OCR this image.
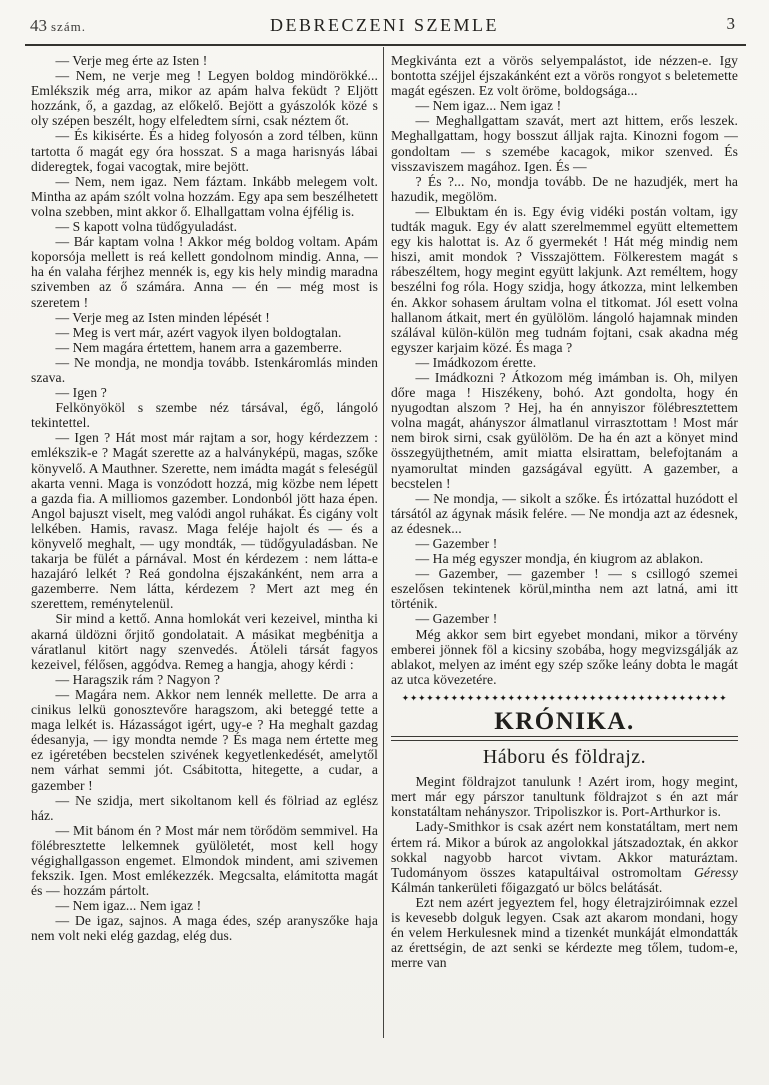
43 szám.	DEBRECZENI SZEMLE	3

— Verje meg érte az Isten !

— Nem, ne verje meg ! Legyen boldog mindörökké... Emlékszik még arra, mikor az apám halva feküdt ? Eljött hozzánk, ő, a gazdag, az előkelő. Bejött a gyászolók közé s oly szépen beszélt, hogy elfeledtem sírni, csak néztem őt.

— És kikisérte. És a hideg folyosón a zord télben, künn tartotta ő magát egy óra hosszat. S a maga harisnyás lábai dideregtek, fogai vacogtak, mire bejött.

— Nem, nem igaz. Nem fáztam. Inkább melegem volt. Mintha az apám szólt volna hozzám. Egy apa sem beszélhetett volna szebben, mint akkor ő. Elhallgattam volna éjfélig is.

— S kapott volna tüdőgyuladást.

— Bár kaptam volna ! Akkor még boldog voltam. Apám koporsója mellett is reá kellett gondolnom mindig. Anna, — ha én valaha férjhez mennék is, egy kis hely mindig maradna szivemben az ő számára. Anna — én — még most is szeretem !

— Verje meg az Isten minden lépését !

— Meg is vert már, azért vagyok ilyen boldogtalan.

— Nem magára értettem, hanem arra a gazemberre.

— Ne mondja, ne mondja tovább. Istenkáromlás minden szava.

— Igen ?

Felkönyököl s szembe néz társával, égő, lángoló tekintettel.

— Igen ? Hát most már rajtam a sor, hogy kérdezzem : emlékszik-e ? Magát szerette az a halványképü, magas, szőke könyvelő. A Mauthner. Szerette, nem imádta magát s feleségül akarta venni. Maga is vonzódott hozzá, mig közbe nem lépett a gazda fia. A milliomos gazember. Londonból jött haza épen. Angol bajuszt viselt, meg valódi angol ruhákat. És cigány volt lelkében. Hamis, ravasz. Maga feléje hajolt és — és a könyvelő meghalt, — ugy mondták, — tüdőgyuladásban. Ne takarja be fülét a párnával. Most én kérdezem : nem látta-e hazajáró lelkét ? Reá gondolna éjszakánként, nem arra a gazemberre. Nem látta, kérdezem ? Mert azt meg én szerettem, reménytelenül.

Sir mind a kettő. Anna homlokát veri kezeivel, mintha ki akarná üldözni őrjitő gondolatait. A másikat megbénitja a váratlanul kitört nagy szenvedés. Átöleli társát fagyos kezeivel, félősen, aggódva. Remeg a hangja, ahogy kérdi :

— Haragszik rám ? Nagyon ?

— Magára nem. Akkor nem lennék mellette. De arra a cinikus lelkü gonosztevőre haragszom, aki beteggé tette a maga lelkét is. Házasságot igért, ugy-e ? Ha meghalt gazdag édesanyja, — igy mondta nemde ? És maga nem értette meg ez igéretében becstelen szivének kegyetlenkedését, amelytől nem várhat semmi jót. Csábitotta, hitegette, a cudar, a gazember !

— Ne szidja, mert sikoltanom kell és fölriad az eglész ház.

— Mit bánom én ? Most már nem törődöm semmivel. Ha fölébresztette lelkemnek gyülöletét, most kell hogy végighallgasson engemet. Elmondok mindent, ami szivemen fekszik. Igen. Most emlékezzék. Megcsalta, elámitotta magát és — hozzám pártolt.

— Nem igaz... Nem igaz !

— De igaz, sajnos. A maga édes, szép aranyszőke haja nem volt neki elég gazdag, elég dus.

Megkivánta ezt a vörös selyempalástot, ide nézzen-e. Igy bontotta széjjel éjszakánként ezt a vörös rongyot s beletemette magát egészen. Ez volt öröme, boldogsága...

— Nem igaz... Nem igaz !

— Meghallgattam szavát, mert azt hittem, erős leszek. Meghallgattam, hogy bosszut álljak rajta. Kinozni fogom — gondoltam — s szemébe kacagok, mikor szenved. És visszaviszem magához. Igen. És —

? És ?... No, mondja tovább. De ne hazudjék, mert ha hazudik, megölöm.

— Elbuktam én is. Egy évig vidéki postán voltam, igy tudták maguk. Egy év alatt szerelmemmel együtt eltemettem egy kis halottat is. Az ő gyermekét ! Hát még mindig nem hiszi, amit mondok ? Visszajöttem. Fölkerestem magát s rábeszéltem, hogy megint együtt lakjunk. Azt reméltem, hogy beszélni fog róla. Hogy szidja, hogy átkozza, mint lelkemben én. Akkor sohasem árultam volna el titkomat. Jól esett volna hallanom átkait, mert én gyülölöm. lángoló hajamnak minden szálával külön-külön meg tudnám fojtani, csak akadna még egyszer karjaim közé. És maga ?

— Imádkozom érette.

— Imádkozni ? Átkozom még imámban is. Oh, milyen dőre maga ! Hiszékeny, bohó. Azt gondolta, hogy én nyugodtan alszom ? Hej, ha én annyiszor fölébresztettem volna magát, ahányszor álmatlanul virrasztottam ! Most már nem birok sirni, csak gyülölöm. De ha én azt a könyet mind összegyüjthetném, amit miatta elsirattam, belefojtanám a nyamorultat minden gazságával együtt. A gazember, a becstelen !

— Ne mondja, — sikolt a szőke. És irtózattal huzódott el társától az ágynak másik felére. — Ne mondja azt az édesnek, az édesnek...

— Gazember !

— Ha még egyszer mondja, én kiugrom az ablakon.

— Gazember, — gazember ! — s csillogó szemei eszelősen tekintenek körül,mintha nem azt latná, ami itt történik.

— Gazember !

Még akkor sem birt egyebet mondani, mikor a törvény emberei jönnek föl a kicsiny szobába, hogy megvizsgálják az ablakot, melyen az imént egy szép szőke leány dobta le magát az utca kövezetére.

✦✦✦✦✦✦✦✦✦✦✦✦✦✦✦✦✦✦✦✦✦✦✦✦✦✦✦✦✦✦✦✦✦✦✦✦✦✦✦✦
KRÓNIKA.
Háboru és földrajz.

Megint földrajzot tanulunk ! Azért irom, hogy megint, mert már egy párszor tanultunk földrajzot s én azt már konstatáltam nehányszor. Tripoliszkor is. Port-Arthurkor is.

Lady-Smithkor is csak azért nem konstatáltam, mert nem értem rá. Mikor a búrok az angolokkal játszadoztak, én akkor sokkal nagyobb harcot vivtam. Akkor maturáztam. Tudományom összes katapultáival ostromoltam Géressy Kálmán tankerületi főigazgató ur bölcs belátását.

Ezt nem azért jegyeztem fel, hogy életrajziróimnak ezzel is kevesebb dolguk legyen. Csak azt akarom mondani, hogy én velem Herkulesnek mind a tizenkét munkáját elmondatták az érettségin, de azt senki se kérdezte meg tőlem, tudom-e, merre van
